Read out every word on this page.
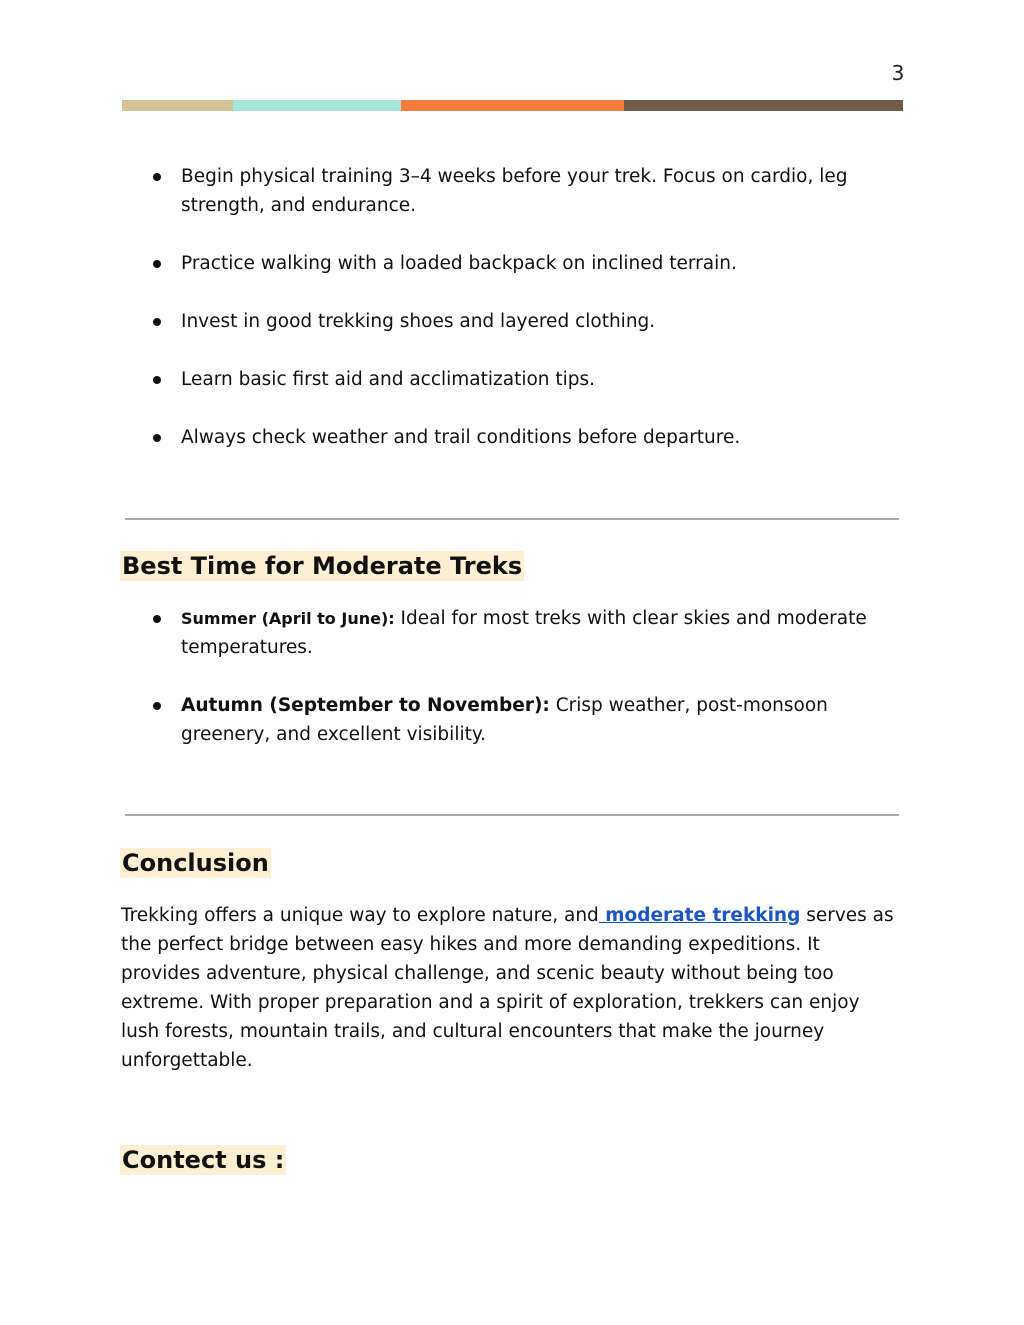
3
Begin physical training 3–4 weeks before your trek. Focus on cardio, leg strength, and endurance.
Practice walking with a loaded backpack on inclined terrain.
Invest in good trekking shoes and layered clothing.
Learn basic first aid and acclimatization tips.
Always check weather and trail conditions before departure.
Best Time for Moderate Treks
Summer (April to June): Ideal for most treks with clear skies and moderate temperatures.
Autumn (September to November): Crisp weather, post-monsoon greenery, and excellent visibility.
Conclusion

Trekking offers a unique way to explore nature, and moderate trekking serves as the perfect bridge between easy hikes and more demanding expeditions. It provides adventure, physical challenge, and scenic beauty without being too extreme. With proper preparation and a spirit of exploration, trekkers can enjoy lush forests, mountain trails, and cultural encounters that make the journey unforgettable.

Contect us :
